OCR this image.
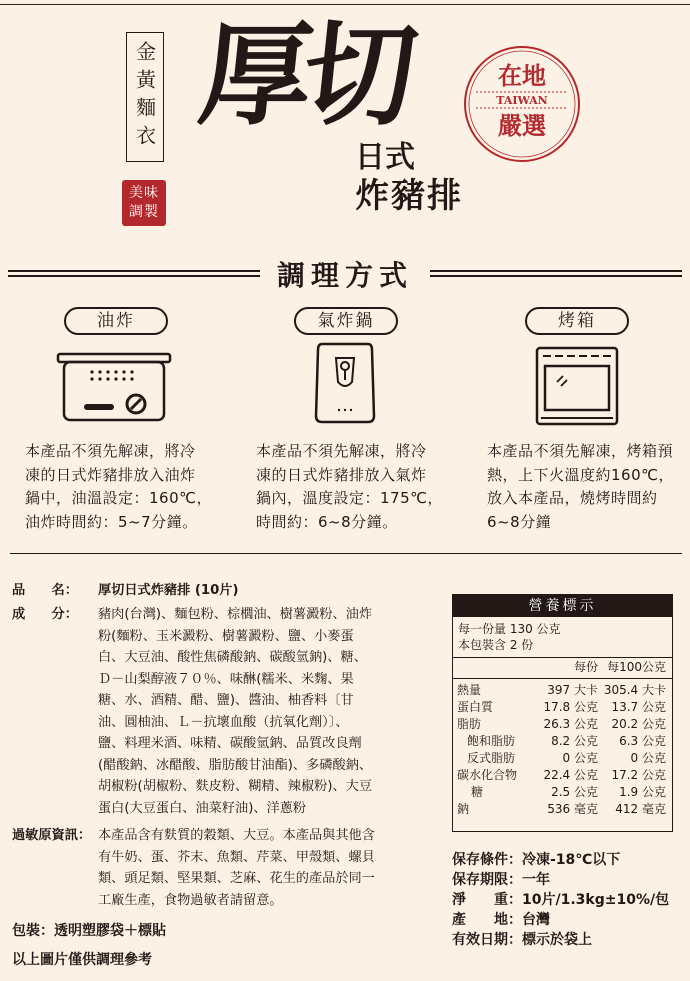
金黃麵衣
美味調製
厚切
日式
炸豬排
在地
TAIWAN
嚴選
調理方式
油炸	氣炸鍋	烤箱
本產品不須先解凍，將冷
凍的日式炸豬排放入油炸
鍋中，油溫設定：160℃，
油炸時間約：5~7分鐘。
本產品不須先解凍，將冷
凍的日式炸豬排放入氣炸
鍋內，溫度設定：175℃，
時間約：6~8分鐘。
本產品不須先解凍，烤箱預
熱，上下火溫度約160℃，
放入本產品，燒烤時間約
6~8分鐘
品　　名： 厚切日式炸豬排 (10片)
成　　分： 豬肉(台灣)、麵包粉、棕櫚油、樹薯澱粉、油炸
粉(麵粉、玉米澱粉、樹薯澱粉、鹽、小麥蛋
白、大豆油、酸性焦磷酸鈉、碳酸氫鈉)、糖、
Ｄ－山梨醇液７０％、味醂(糯米、米麴、果
糖、水、酒精、醋、鹽)、醬油、柚香料〔甘
油、圓柚油、Ｌ－抗壞血酸（抗氧化劑）〕、
鹽、料理米酒、味精、碳酸氫鈉、品質改良劑
(醋酸鈉、冰醋酸、脂肪酸甘油酯)、多磷酸鈉、
胡椒粉(胡椒粉、麩皮粉、糊精、辣椒粉)、大豆
蛋白(大豆蛋白、油菜籽油)、洋蔥粉
過敏原資訊： 本產品含有麩質的穀類、大豆。本產品與其他含
有牛奶、蛋、芥末、魚類、芹菜、甲殼類、螺貝
類、頭足類、堅果類、芝麻、花生的產品於同一
工廠生產，食物過敏者請留意。
包裝：透明塑膠袋＋標貼
以上圖片僅供調理參考
營養標示
每一份量 130 公克
本包裝含 2 份
每份 每100公克
熱量	397 大卡 305.4 大卡
蛋白質	17.8 公克 13.7 公克
脂肪	26.3 公克 20.2 公克
飽和脂肪	8.2 公克 6.3 公克
反式脂肪	0 公克	0 公克
碳水化合物 22.4 公克 17.2 公克
糖	2.5 公克 1.9 公克
鈉	536 毫克 412 毫克
保存條件：冷凍-18℃以下
保存期限：一年
淨　　重：10片/1.3kg±10%/包
產　　地：台灣
有效日期：標示於袋上
